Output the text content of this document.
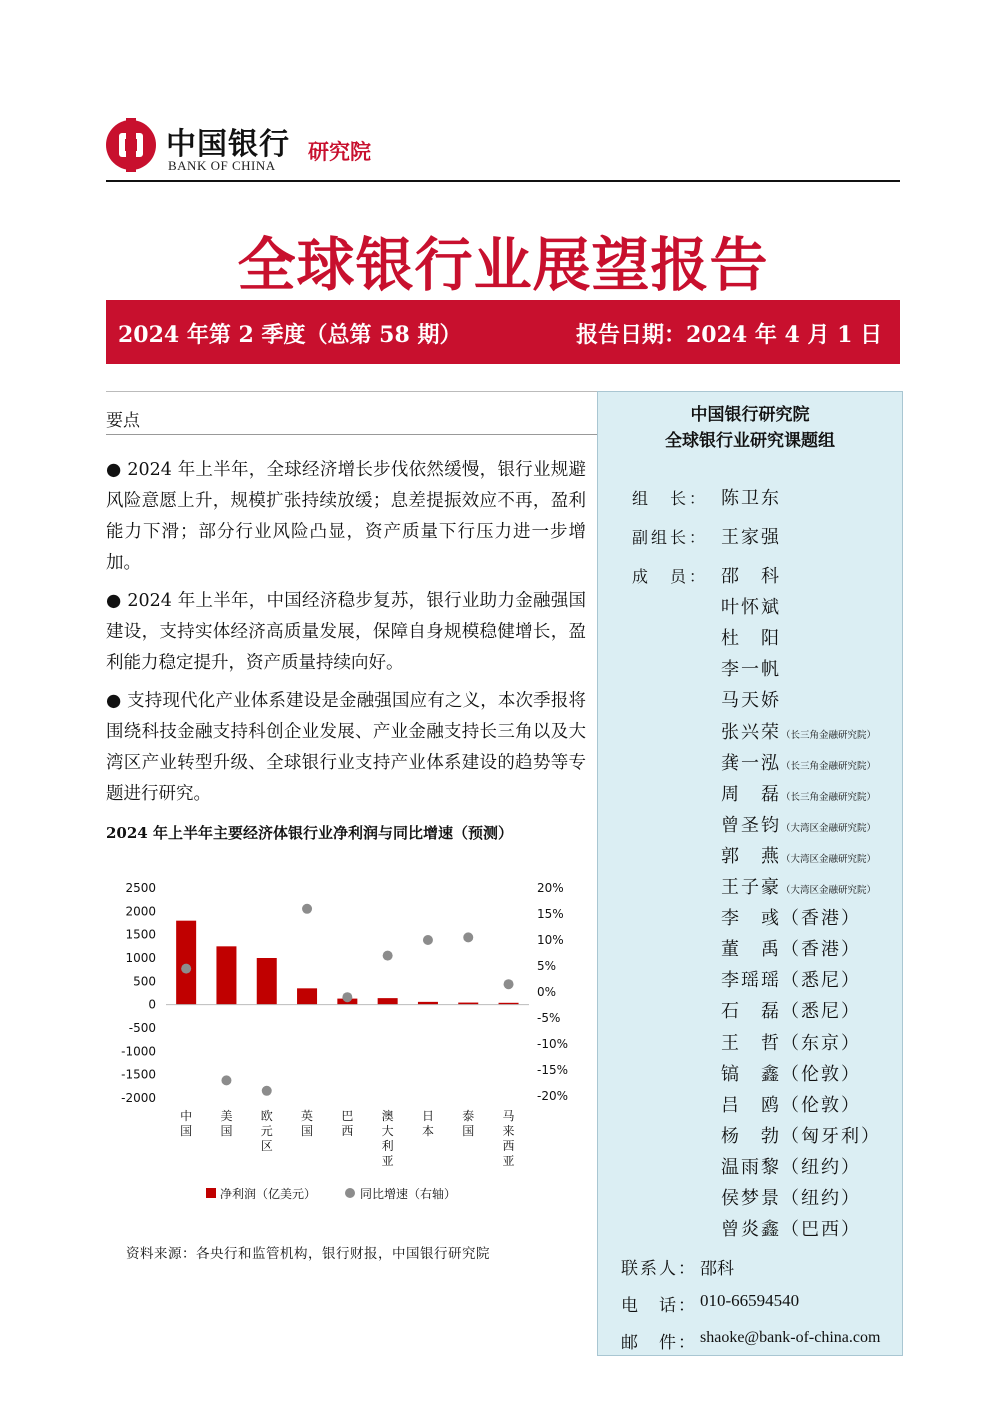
中国银行
BANK OF CHINA
研究院
全球银行业展望报告
2024 年第 2 季度（总第 58 期）	报告日期：2024 年 4 月 1 日
要点
● 2024 年上半年，全球经济增长步伐依然缓慢，银行业规避风险意愿上升，规模扩张持续放缓；息差提振效应不再，盈利能力下滑；部分行业风险凸显，资产质量下行压力进一步增加。
● 2024 年上半年，中国经济稳步复苏，银行业助力金融强国建设，支持实体经济高质量发展，保障自身规模稳健增长，盈利能力稳定提升，资产质量持续向好。
● 支持现代化产业体系建设是金融强国应有之义，本次季报将围绕科技金融支持科创企业发展、产业金融支持长三角以及大湾区产业转型升级、全球银行业支持产业体系建设的趋势等专题进行研究。
2024 年上半年主要经济体银行业净利润与同比增速（预测）
2500
2000
1500
1000
500
0
-500
-1000
-1500
-2000
20%
15%
10%
5%
0%
-5%
-10%
-15%
-20%
中
国
美
国
欧
元
区
英
国
巴
西
澳
大
利
亚
日
本
泰
国
马
来
西
亚
净利润（亿美元）	同比增速（右轴）
资料来源：各央行和监管机构，银行财报，中国银行研究院
中国银行研究院
全球银行业研究课题组
组　长： 陈卫东
副组长： 王家强
成　员： 邵　科
叶怀斌
杜　阳
李一帆
马天娇
张兴荣（长三角金融研究院）
龚一泓（长三角金融研究院）
周　磊（长三角金融研究院）
曾圣钧（大湾区金融研究院）
郭　燕（大湾区金融研究院）
王子豪（大湾区金融研究院）
李　彧（香港）
董　禹（香港）
李瑶瑶（悉尼）
石　磊（悉尼）
王　哲（东京）
镐　鑫（伦敦）
吕　鸥（伦敦）
杨　勃（匈牙利）
温雨黎（纽约）
侯梦景（纽约）
曾炎鑫（巴西）
联系人： 邵科
电　话： 010-66594540
邮　件： shaoke@bank-of-china.com
